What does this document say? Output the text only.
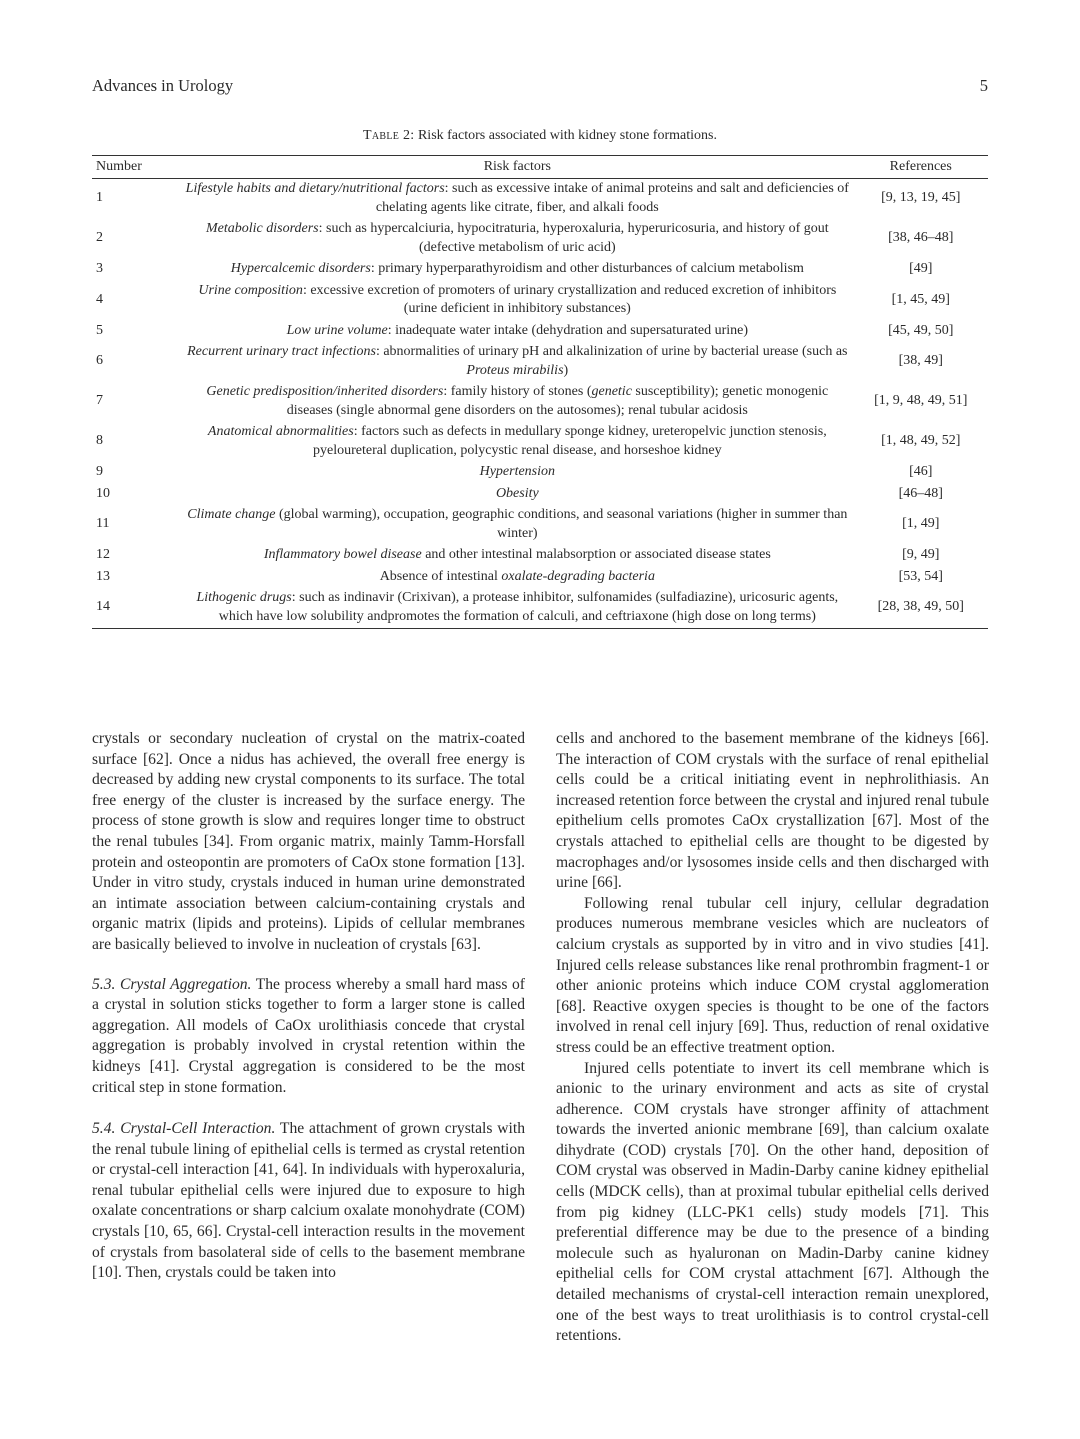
Advances in Urology	5
Table 2: Risk factors associated with kidney stone formations.
Number	Risk factors	References
1	Lifestyle habits and dietary/nutritional factors: such as excessive intake of animal proteins and salt and deficiencies of chelating agents like citrate, fiber, and alkali foods	[9, 13, 19, 45]
2	Metabolic disorders: such as hypercalciuria, hypocitraturia, hyperoxaluria, hyperuricosuria, and history of gout (defective metabolism of uric acid)	[38, 46–48]
3	Hypercalcemic disorders: primary hyperparathyroidism and other disturbances of calcium metabolism	[49]
4	Urine composition: excessive excretion of promoters of urinary crystallization and reduced excretion of inhibitors (urine deficient in inhibitory substances)	[1, 45, 49]
5	Low urine volume: inadequate water intake (dehydration and supersaturated urine)	[45, 49, 50]
6	Recurrent urinary tract infections: abnormalities of urinary pH and alkalinization of urine by bacterial urease (such as Proteus mirabilis)	[38, 49]
7	Genetic predisposition/inherited disorders: family history of stones (genetic susceptibility); genetic monogenic diseases (single abnormal gene disorders on the autosomes); renal tubular acidosis	[1, 9, 48, 49, 51]
8	Anatomical abnormalities: factors such as defects in medullary sponge kidney, ureteropelvic junction stenosis, pyeloureteral duplication, polycystic renal disease, and horseshoe kidney	[1, 48, 49, 52]
9	Hypertension	[46]
10	Obesity	[46–48]
11	Climate change (global warming), occupation, geographic conditions, and seasonal variations (higher in summer than winter)	[1, 49]
12	Inflammatory bowel disease and other intestinal malabsorption or associated disease states	[9, 49]
13	Absence of intestinal oxalate-degrading bacteria	[53, 54]
14	Lithogenic drugs: such as indinavir (Crixivan), a protease inhibitor, sulfonamides (sulfadiazine), uricosuric agents, which have low solubility andpromotes the formation of calculi, and ceftriaxone (high dose on long terms)	[28, 38, 49, 50]

crystals or secondary nucleation of crystal on the matrix-coated surface [62]. Once a nidus has achieved, the overall free energy is decreased by adding new crystal components to its surface. The total free energy of the cluster is increased by the surface energy. The process of stone growth is slow and requires longer time to obstruct the renal tubules [34]. From organic matrix, mainly Tamm-Horsfall protein and osteopontin are promoters of CaOx stone formation [13]. Under in vitro study, crystals induced in human urine demonstrated an intimate association between calcium-containing crystals and organic matrix (lipids and proteins). Lipids of cellular membranes are basically believed to involve in nucleation of crystals [63].

5.3. Crystal Aggregation. The process whereby a small hard mass of a crystal in solution sticks together to form a larger stone is called aggregation. All models of CaOx urolithiasis concede that crystal aggregation is probably involved in crystal retention within the kidneys [41]. Crystal aggregation is considered to be the most critical step in stone formation.

5.4. Crystal-Cell Interaction. The attachment of grown crystals with the renal tubule lining of epithelial cells is termed as crystal retention or crystal-cell interaction [41, 64]. In individuals with hyperoxaluria, renal tubular epithelial cells were injured due to exposure to high oxalate concentrations or sharp calcium oxalate monohydrate (COM) crystals [10, 65, 66]. Crystal-cell interaction results in the movement of crystals from basolateral side of cells to the basement membrane [10]. Then, crystals could be taken into

cells and anchored to the basement membrane of the kidneys [66]. The interaction of COM crystals with the surface of renal epithelial cells could be a critical initiating event in nephrolithiasis. An increased retention force between the crystal and injured renal tubule epithelium cells promotes CaOx crystallization [67]. Most of the crystals attached to epithelial cells are thought to be digested by macrophages and/or lysosomes inside cells and then discharged with urine [66].

Following renal tubular cell injury, cellular degradation produces numerous membrane vesicles which are nucleators of calcium crystals as supported by in vitro and in vivo studies [41]. Injured cells release substances like renal prothrombin fragment-1 or other anionic proteins which induce COM crystal agglomeration [68]. Reactive oxygen species is thought to be one of the factors involved in renal cell injury [69]. Thus, reduction of renal oxidative stress could be an effective treatment option.

Injured cells potentiate to invert its cell membrane which is anionic to the urinary environment and acts as site of crystal adherence. COM crystals have stronger affinity of attachment towards the inverted anionic membrane [69], than calcium oxalate dihydrate (COD) crystals [70]. On the other hand, deposition of COM crystal was observed in Madin-Darby canine kidney epithelial cells (MDCK cells), than at proximal tubular epithelial cells derived from pig kidney (LLC-PK1 cells) study models [71]. This preferential difference may be due to the presence of a binding molecule such as hyaluronan on Madin-Darby canine kidney epithelial cells for COM crystal attachment [67]. Although the detailed mechanisms of crystal-cell interaction remain unexplored, one of the best ways to treat urolithiasis is to control crystal-cell retentions.
